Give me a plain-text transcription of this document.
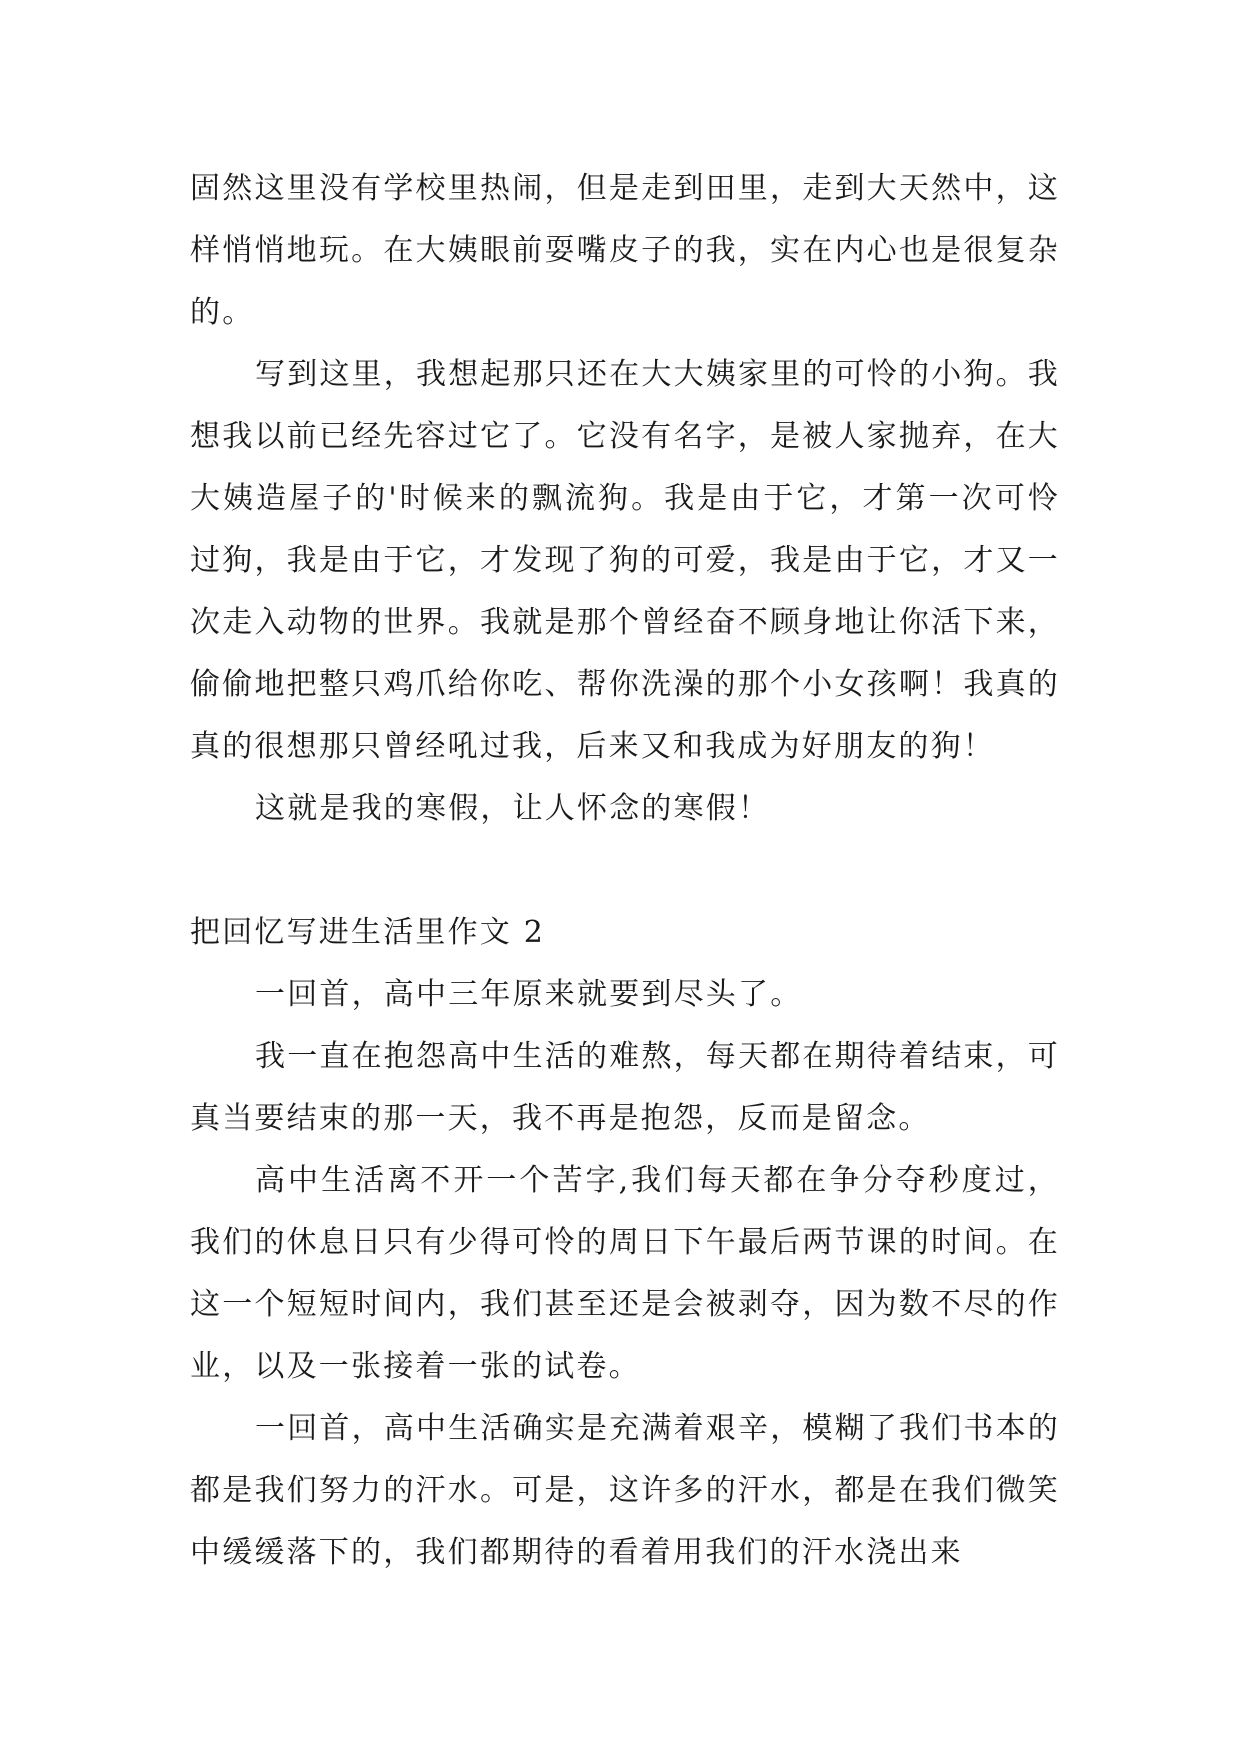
固然这里没有学校里热闹，但是走到田里，走到大天然中，这样悄悄地玩。在大姨眼前耍嘴皮子的我，实在内心也是很复杂的。

写到这里，我想起那只还在大大姨家里的可怜的小狗。我想我以前已经先容过它了。它没有名字，是被人家抛弃，在大大姨造屋子的'时候来的飘流狗。我是由于它，才第一次可怜过狗，我是由于它，才发现了狗的可爱，我是由于它，才又一次走入动物的世界。我就是那个曾经奋不顾身地让你活下来，偷偷地把整只鸡爪给你吃、帮你洗澡的那个小女孩啊！我真的真的很想那只曾经吼过我，后来又和我成为好朋友的狗！

这就是我的寒假，让人怀念的寒假！

把回忆写进生活里作文 2

一回首，高中三年原来就要到尽头了。

我一直在抱怨高中生活的难熬，每天都在期待着结束，可真当要结束的那一天，我不再是抱怨，反而是留念。

高中生活离不开一个苦字,我们每天都在争分夺秒度过，我们的休息日只有少得可怜的周日下午最后两节课的时间。在这一个短短时间内，我们甚至还是会被剥夺，因为数不尽的作业，以及一张接着一张的试卷。

一回首，高中生活确实是充满着艰辛，模糊了我们书本的都是我们努力的汗水。可是，这许多的汗水，都是在我们微笑中缓缓落下的，我们都期待的看着用我们的汗水浇出来
